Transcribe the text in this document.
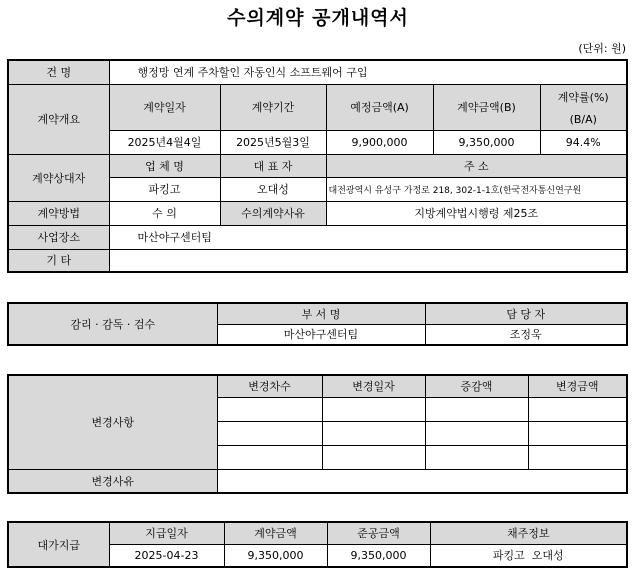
수의계약 공개내역서
(단위: 원)
건 명	행정망 연계 주차할인 자동인식 소프트웨어 구입				
계약개요	계약일자	계약기간	예정금액(A)	계약금액(B)	계약률(%)
(B/A)

	2025년4월4일	2025년5월3일	9,900,000	9,350,000	94.4%
계약상대자	업 체 명	대 표 자	주 소		
	파킹고	오대성	대전광역시 유성구 가정로 218, 302-1-1호(한국전자통신연구원		
계약방법	수 의	수의계약사유	지방계약법시행령 제25조		
사업장소	마산야구센터팀				
기 타					
감리 · 감독 · 검수	부 서 명	담 당 자
	마산야구센터팀	조정욱
변경사항	변경차수	변경일자	증감액	변경금액

변경사유				
대가지급	지급일자	계약금액	준공금액	채주정보
	2025-04-23	9,350,000	9,350,000	파킹고  오대성
